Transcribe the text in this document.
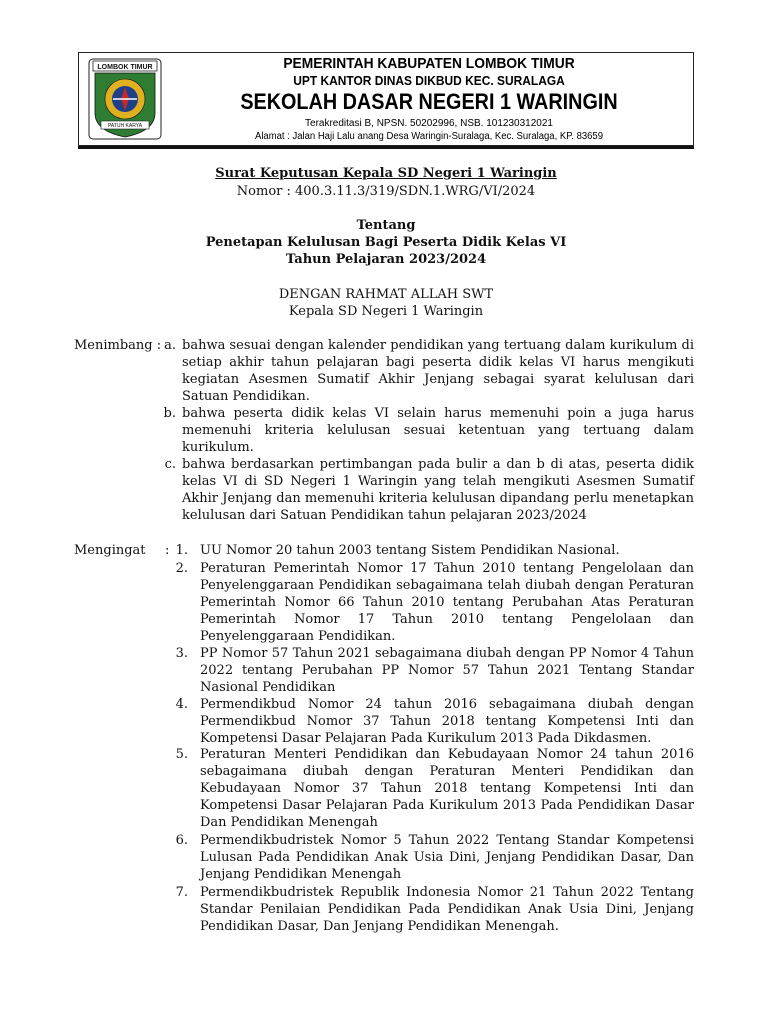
LOMBOK TIMUR
PATUH KARYA
PEMERINTAH KABUPATEN LOMBOK TIMUR
UPT KANTOR DINAS DIKBUD KEC. SURALAGA
SEKOLAH DASAR NEGERI 1 WARINGIN
Terakreditasi B, NPSN. 50202996, NSB. 101230312021
Alamat : Jalan Haji Lalu anang Desa Waringin-Suralaga, Kec. Suralaga, KP. 83659
Surat Keputusan Kepala SD Negeri 1 Waringin
Nomor : 400.3.11.3/319/SDN.1.WRG/VI/2024
Tentang
Penetapan Kelulusan Bagi Peserta Didik Kelas VI
Tahun Pelajaran 2023/2024
DENGAN RAHMAT ALLAH SWT
Kepala SD Negeri 1 Waringin
Menimbang : a. bahwa sesuai dengan kalender pendidikan yang tertuang dalam kurikulum di setiap akhir tahun pelajaran bagi peserta didik kelas VI harus mengikuti kegiatan Asesmen Sumatif Akhir Jenjang sebagai syarat kelulusan dari Satuan Pendidikan.
b. bahwa peserta didik kelas VI selain harus memenuhi poin a juga harus memenuhi kriteria kelulusan sesuai ketentuan yang tertuang dalam kurikulum.
c. bahwa berdasarkan pertimbangan pada bulir a dan b di atas, peserta didik kelas VI di SD Negeri 1 Waringin yang telah mengikuti Asesmen Sumatif Akhir Jenjang dan memenuhi kriteria kelulusan dipandang perlu menetapkan kelulusan dari Satuan Pendidikan tahun pelajaran 2023/2024
Mengingat : 1. UU Nomor 20 tahun 2003 tentang Sistem Pendidikan Nasional.
2. Peraturan Pemerintah Nomor 17 Tahun 2010 tentang Pengelolaan dan Penyelenggaraan Pendidikan sebagaimana telah diubah dengan Peraturan Pemerintah Nomor 66 Tahun 2010 tentang Perubahan Atas Peraturan Pemerintah Nomor 17 Tahun 2010 tentang Pengelolaan dan Penyelenggaraan Pendidikan.
3. PP Nomor 57 Tahun 2021 sebagaimana diubah dengan PP Nomor 4 Tahun 2022 tentang Perubahan PP Nomor 57 Tahun 2021 Tentang Standar Nasional Pendidikan
4. Permendikbud Nomor 24 tahun 2016 sebagaimana diubah dengan Permendikbud Nomor 37 Tahun 2018 tentang Kompetensi Inti dan Kompetensi Dasar Pelajaran Pada Kurikulum 2013 Pada Dikdasmen.
5. Peraturan Menteri Pendidikan dan Kebudayaan Nomor 24 tahun 2016 sebagaimana diubah dengan Peraturan Menteri Pendidikan dan Kebudayaan Nomor 37 Tahun 2018 tentang Kompetensi Inti dan Kompetensi Dasar Pelajaran Pada Kurikulum 2013 Pada Pendidikan Dasar Dan Pendidikan Menengah
6. Permendikbudristek Nomor 5 Tahun 2022 Tentang Standar Kompetensi Lulusan Pada Pendidikan Anak Usia Dini, Jenjang Pendidikan Dasar, Dan Jenjang Pendidikan Menengah
7. Permendikbudristek Republik Indonesia Nomor 21 Tahun 2022 Tentang Standar Penilaian Pendidikan Pada Pendidikan Anak Usia Dini, Jenjang Pendidikan Dasar, Dan Jenjang Pendidikan Menengah.
